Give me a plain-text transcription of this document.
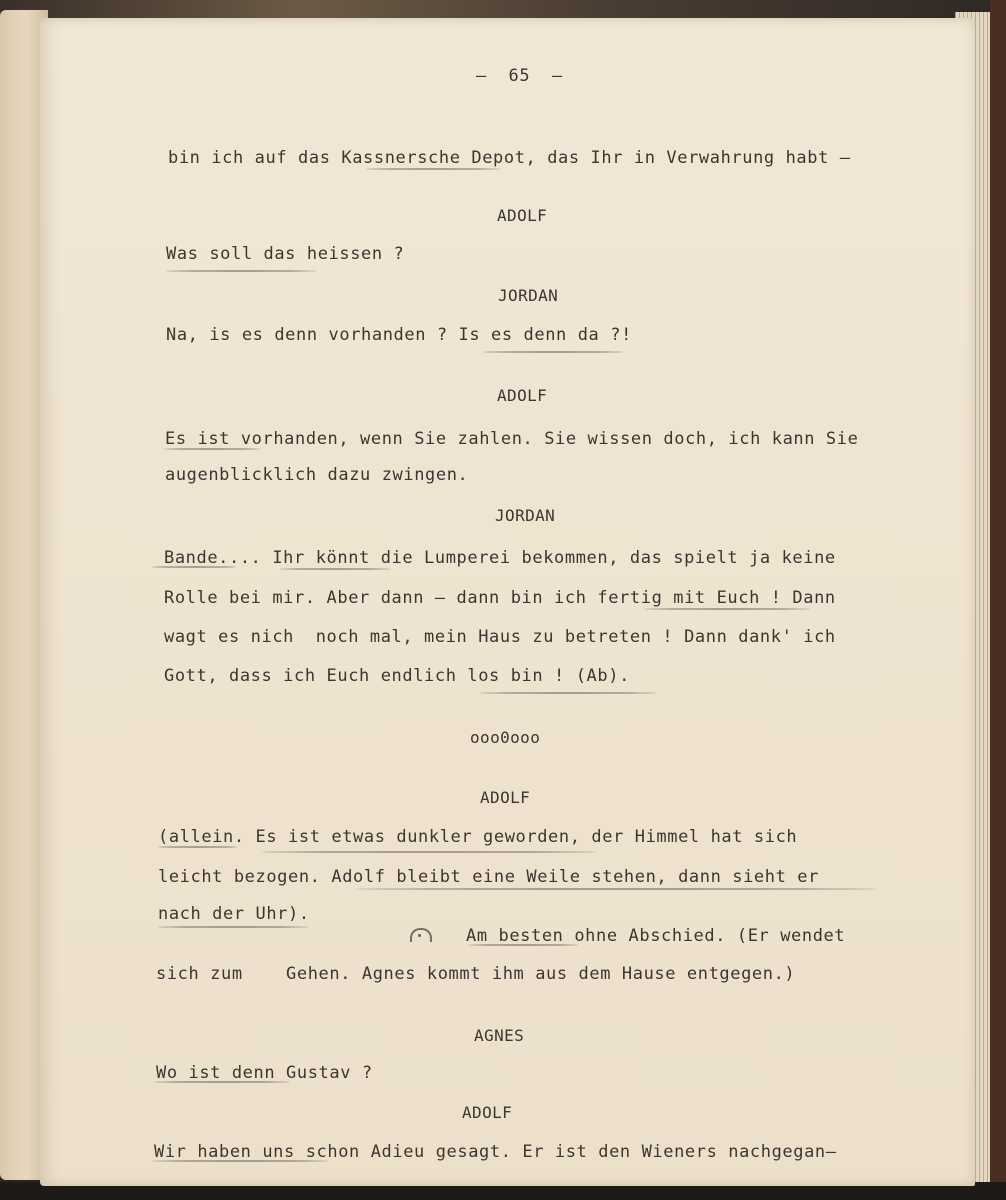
–  65  –
bin ich auf das Kassnersche Depot, das Ihr in Verwahrung habt –
ADOLF
Was soll das heissen ?
JORDAN
Na, is es denn vorhanden ? Is es denn da ?!
ADOLF
Es ist vorhanden, wenn Sie zahlen. Sie wissen doch, ich kann Sie
augenblicklich dazu zwingen.
JORDAN
Bande.... Ihr könnt die Lumperei bekommen, das spielt ja keine
Rolle bei mir. Aber dann – dann bin ich fertig mit Euch ! Dann
wagt es nich  noch mal, mein Haus zu betreten ! Dann dank' ich
Gott, dass ich Euch endlich los bin ! (Ab).
ooo0ooo
ADOLF
(allein. Es ist etwas dunkler geworden, der Himmel hat sich
leicht bezogen. Adolf bleibt eine Weile stehen, dann sieht er
nach der Uhr).
Am besten ohne Abschied. (Er wendet
sich zum    Gehen. Agnes kommt ihm aus dem Hause entgegen.)
AGNES
Wo ist denn Gustav ?
ADOLF
Wir haben uns schon Adieu gesagt. Er ist den Wieners nachgegan–
